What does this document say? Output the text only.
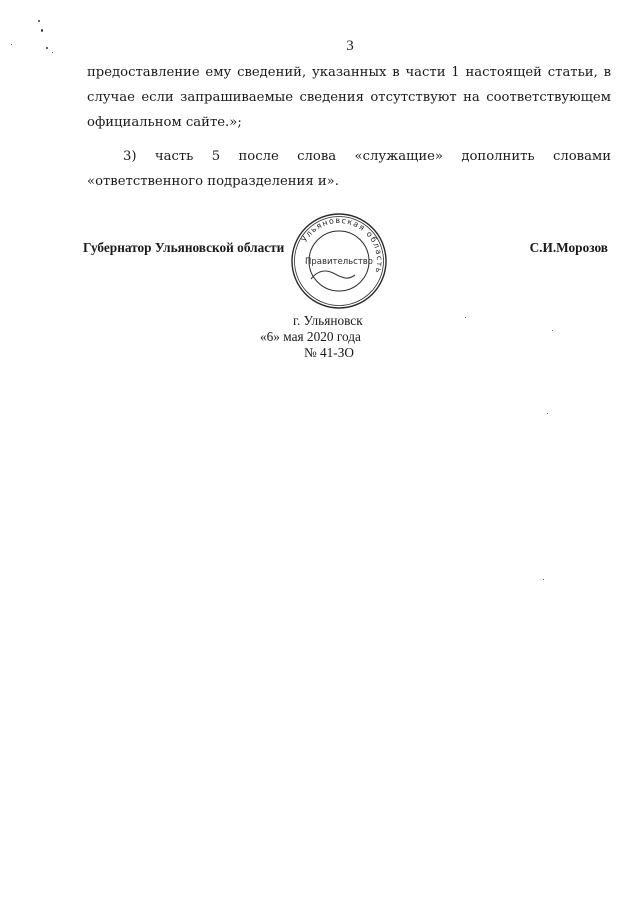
3

предоставление ему сведений, указанных в части 1 настоящей статьи, в случае если запрашиваемые сведения отсутствуют на соответствующем официальном сайте.»;

3) часть 5 после слова «служащие» дополнить словами «ответственного подразделения и».

Губернатор Ульяновской области	С.И.Морозов
Ульяновская область
Правительство
г. Ульяновск
«6» мая 2020 года
№ 41-ЗО
